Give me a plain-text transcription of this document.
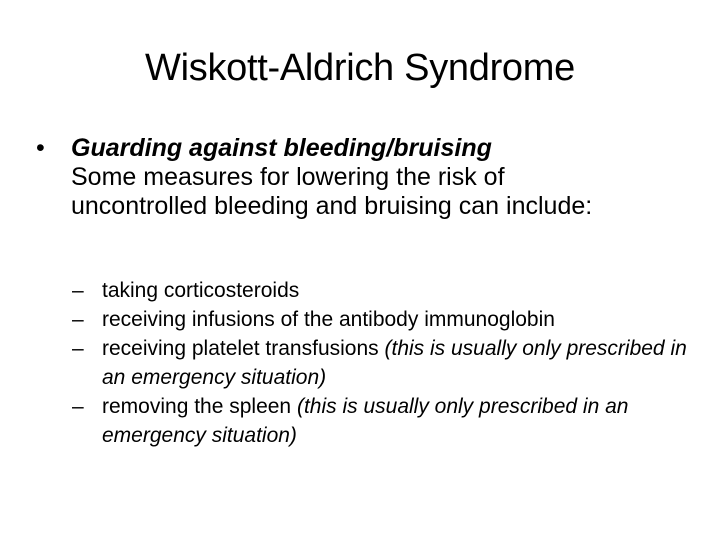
Wiskott-Aldrich Syndrome
•	Guarding against bleeding/bruising
Some measures for lowering the risk of uncontrolled bleeding and bruising can include:
– taking corticosteroids
– receiving infusions of the antibody immunoglobin
– receiving platelet transfusions (this is usually only prescribed in an emergency situation)
– removing the spleen (this is usually only prescribed in an emergency situation)
